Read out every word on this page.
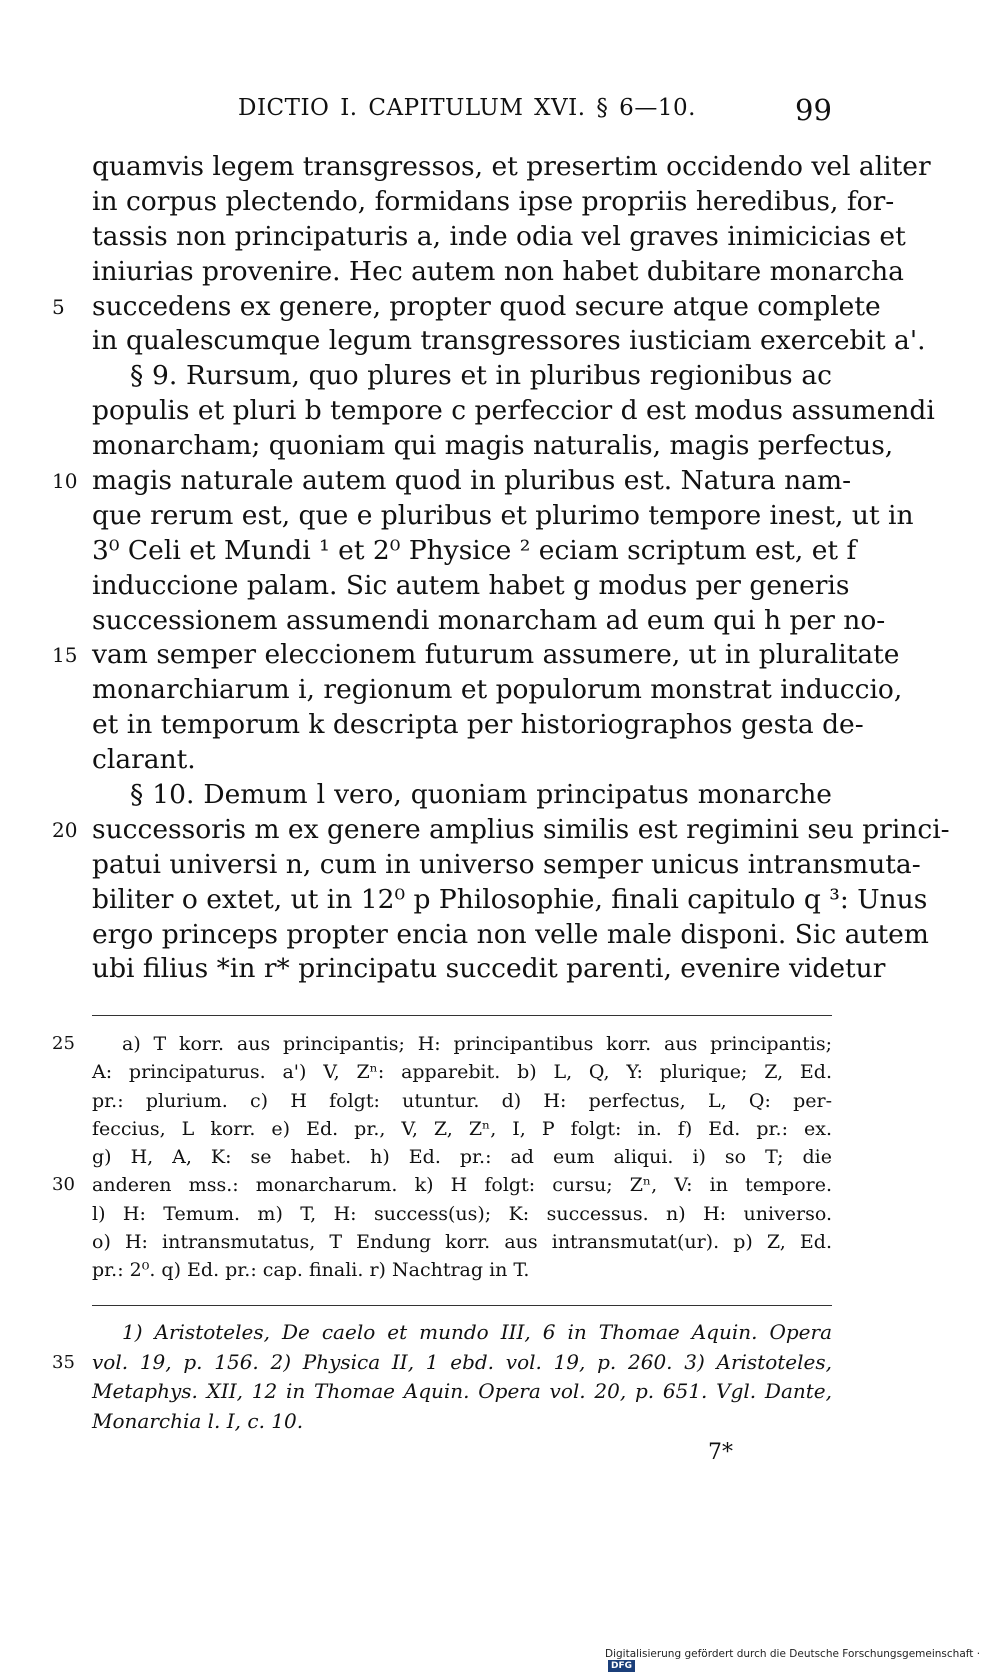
DICTIO I. CAPITULUM XVI. § 6—10.	99
quamvis legem transgressos, et presertim occidendo vel aliter
in corpus plectendo, formidans ipse propriis heredibus, for-
tassis non principaturis a, inde odia vel graves inimicicias et
iniurias provenire. Hec autem non habet dubitare monarcha
5	succedens ex genere, propter quod secure atque complete
in qualescumque legum transgressores iusticiam exercebit a'.
§ 9. Rursum, quo plures et in pluribus regionibus ac
populis et pluri b tempore c perfeccior d est modus assumendi
monarcham; quoniam qui magis naturalis, magis perfectus,
10 magis naturale autem quod in pluribus est. Natura nam-
que rerum est, que e pluribus et plurimo tempore inest, ut in
3⁰ Celi et Mundi ¹ et 2⁰ Physice ² eciam scriptum est, et f
induccione palam. Sic autem habet g modus per generis
successionem assumendi monarcham ad eum qui h per no-
15 vam semper eleccionem futurum assumere, ut in pluralitate
monarchiarum i, regionum et populorum monstrat induccio,
et in temporum k descripta per historiographos gesta de-
clarant.
§ 10. Demum l vero, quoniam principatus monarche
20 successoris m ex genere amplius similis est regimini seu princi-
patui universi n, cum in universo semper unicus intransmuta-
biliter o extet, ut in 12⁰ p Philosophie, finali capitulo q ³: Unus
ergo princeps propter encia non velle male disponi. Sic autem
ubi filius *in r* principatu succedit parenti, evenire videtur
25	a) T korr. aus principantis; H: principantibus korr. aus principantis;
A: principaturus. a') V, Zⁿ: apparebit. b) L, Q, Y: plurique; Z, Ed.
pr.: plurium. c) H folgt: utuntur. d) H: perfectus, L, Q: per-
feccius, L korr. e) Ed. pr., V, Z, Zⁿ, I, P folgt: in. f) Ed. pr.: ex.
g) H, A, K: se habet. h) Ed. pr.: ad eum aliqui. i) so T; die
30 anderen mss.: monarcharum. k) H folgt: cursu; Zⁿ, V: in tempore.
l) H: Temum. m) T, H: success(us); K: successus. n) H: universo.
o) H: intransmutatus, T Endung korr. aus intransmutat(ur). p) Z, Ed.
pr.: 2⁰. q) Ed. pr.: cap. finali. r) Nachtrag in T.
1) Aristoteles, De caelo et mundo III, 6 in Thomae Aquin. Opera
35 vol. 19, p. 156. 2) Physica II, 1 ebd. vol. 19, p. 260. 3) Aristoteles,
Metaphys. XII, 12 in Thomae Aquin. Opera vol. 20, p. 651. Vgl. Dante,
Monarchia l. I, c. 10.
7*
Digitalisierung gefördert durch die Deutsche Forschungsgemeinschaft ·DFG
